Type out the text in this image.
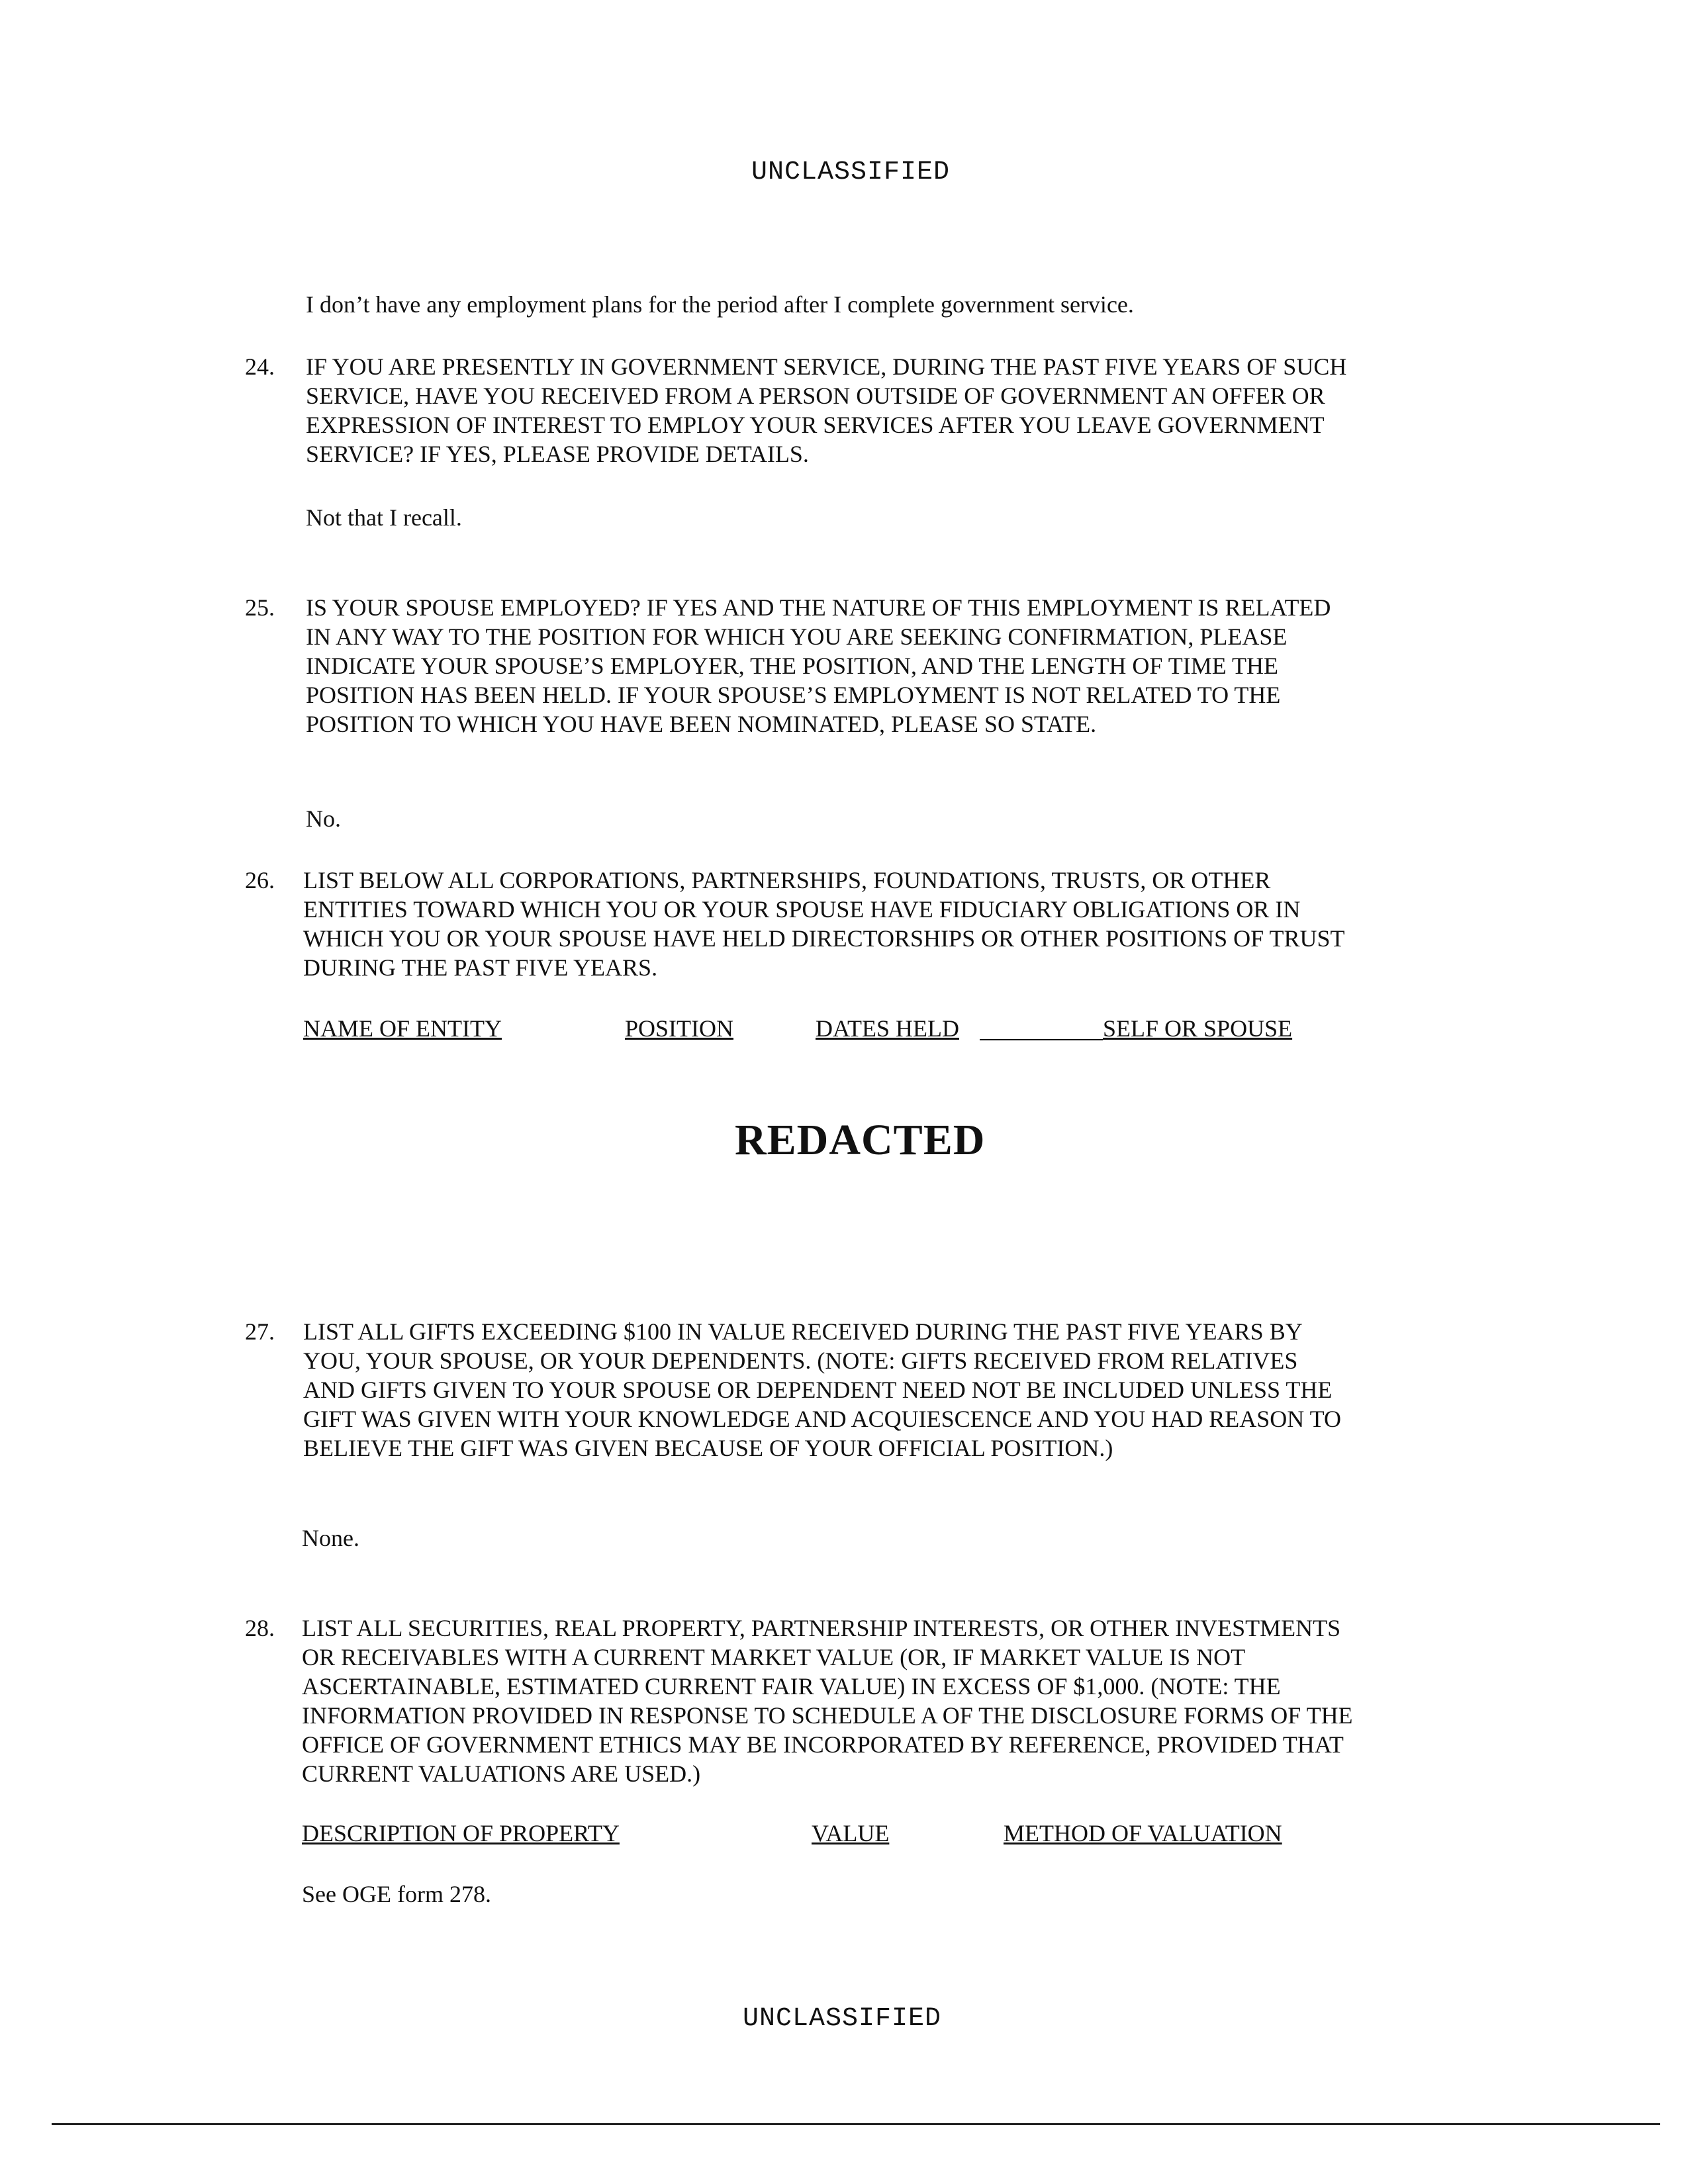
UNCLASSIFIED
I don’t have any employment plans for the period after I complete government service.
24. IF YOU ARE PRESENTLY IN GOVERNMENT SERVICE, DURING THE PAST FIVE YEARS OF SUCH
SERVICE, HAVE YOU RECEIVED FROM A PERSON OUTSIDE OF GOVERNMENT AN OFFER OR
EXPRESSION OF INTEREST TO EMPLOY YOUR SERVICES AFTER YOU LEAVE GOVERNMENT
SERVICE? IF YES, PLEASE PROVIDE DETAILS.
Not that I recall.
25. IS YOUR SPOUSE EMPLOYED? IF YES AND THE NATURE OF THIS EMPLOYMENT IS RELATED
IN ANY WAY TO THE POSITION FOR WHICH YOU ARE SEEKING CONFIRMATION, PLEASE
INDICATE YOUR SPOUSE’S EMPLOYER, THE POSITION, AND THE LENGTH OF TIME THE
POSITION HAS BEEN HELD. IF YOUR SPOUSE’S EMPLOYMENT IS NOT RELATED TO THE
POSITION TO WHICH YOU HAVE BEEN NOMINATED, PLEASE SO STATE.
No.
26. LIST BELOW ALL CORPORATIONS, PARTNERSHIPS, FOUNDATIONS, TRUSTS, OR OTHER
ENTITIES TOWARD WHICH YOU OR YOUR SPOUSE HAVE FIDUCIARY OBLIGATIONS OR IN
WHICH YOU OR YOUR SPOUSE HAVE HELD DIRECTORSHIPS OR OTHER POSITIONS OF TRUST
DURING THE PAST FIVE YEARS.
NAME OF ENTITY	POSITION	DATES HELD	SELF OR SPOUSE
REDACTED
27. LIST ALL GIFTS EXCEEDING $100 IN VALUE RECEIVED DURING THE PAST FIVE YEARS BY
YOU, YOUR SPOUSE, OR YOUR DEPENDENTS. (NOTE: GIFTS RECEIVED FROM RELATIVES
AND GIFTS GIVEN TO YOUR SPOUSE OR DEPENDENT NEED NOT BE INCLUDED UNLESS THE
GIFT WAS GIVEN WITH YOUR KNOWLEDGE AND ACQUIESCENCE AND YOU HAD REASON TO
BELIEVE THE GIFT WAS GIVEN BECAUSE OF YOUR OFFICIAL POSITION.)
None.
28. LIST ALL SECURITIES, REAL PROPERTY, PARTNERSHIP INTERESTS, OR OTHER INVESTMENTS
OR RECEIVABLES WITH A CURRENT MARKET VALUE (OR, IF MARKET VALUE IS NOT
ASCERTAINABLE, ESTIMATED CURRENT FAIR VALUE) IN EXCESS OF $1,000. (NOTE: THE
INFORMATION PROVIDED IN RESPONSE TO SCHEDULE A OF THE DISCLOSURE FORMS OF THE
OFFICE OF GOVERNMENT ETHICS MAY BE INCORPORATED BY REFERENCE, PROVIDED THAT
CURRENT VALUATIONS ARE USED.)
DESCRIPTION OF PROPERTY	VALUE	METHOD OF VALUATION
See OGE form 278.
UNCLASSIFIED
